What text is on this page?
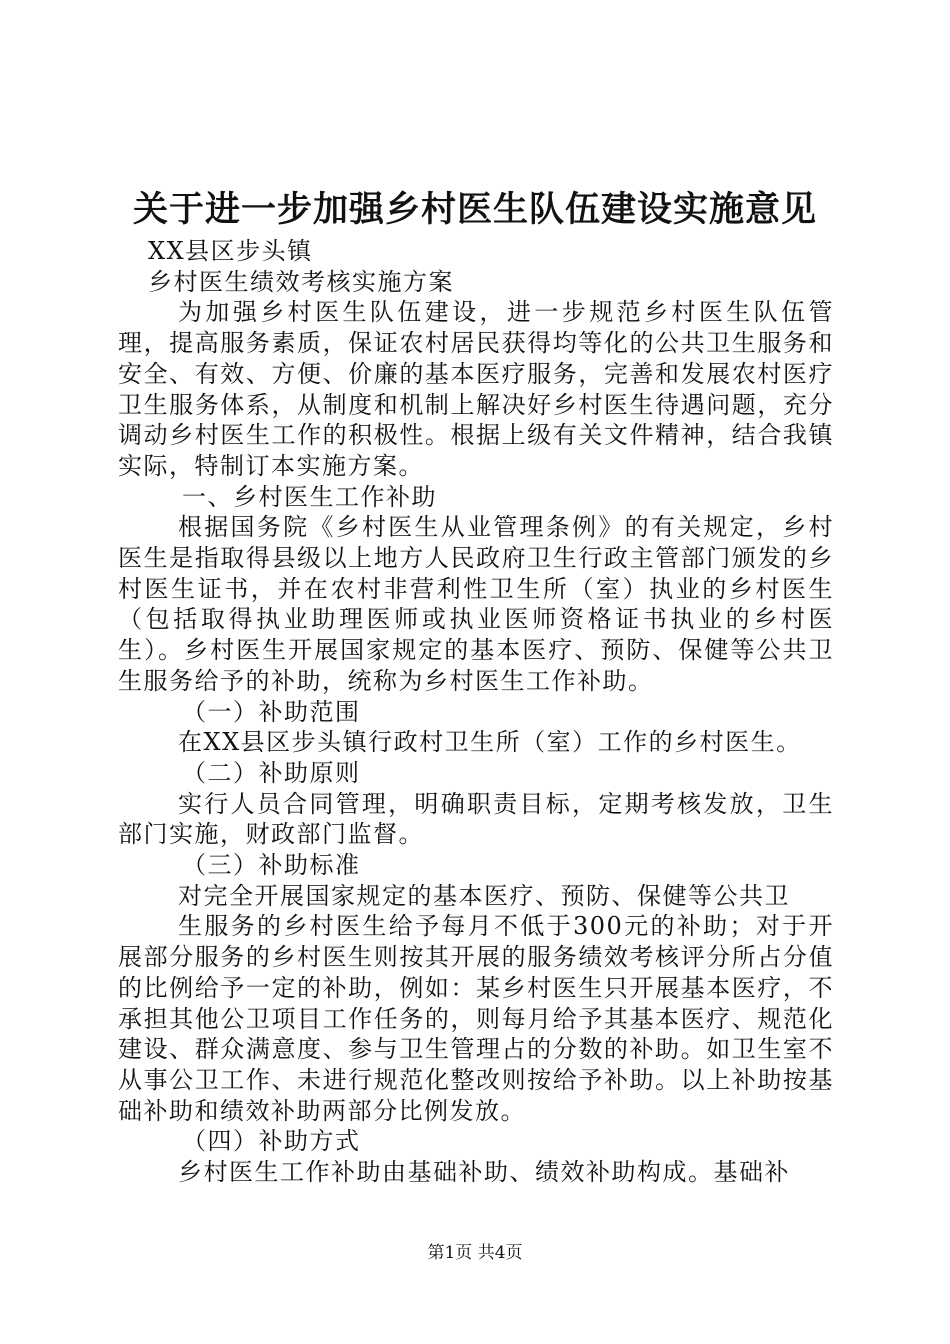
关于进一步加强乡村医生队伍建设实施意见

XX县区步头镇

乡村医生绩效考核实施方案

为加强乡村医生队伍建设，进一步规范乡村医生队伍管理，提高服务素质，保证农村居民获得均等化的公共卫生服务和安全、有效、方便、价廉的基本医疗服务，完善和发展农村医疗卫生服务体系，从制度和机制上解决好乡村医生待遇问题，充分调动乡村医生工作的积极性。根据上级有关文件精神，结合我镇实际，特制订本实施方案。

一、乡村医生工作补助

根据国务院《乡村医生从业管理条例》的有关规定，乡村医生是指取得县级以上地方人民政府卫生行政主管部门颁发的乡村医生证书，并在农村非营利性卫生所（室）执业的乡村医生（包括取得执业助理医师或执业医师资格证书执业的乡村医生）。乡村医生开展国家规定的基本医疗、预防、保健等公共卫生服务给予的补助，统称为乡村医生工作补助。

（一）补助范围

在XX县区步头镇行政村卫生所（室）工作的乡村医生。

（二）补助原则

实行人员合同管理，明确职责目标，定期考核发放，卫生部门实施，财政部门监督。

（三）补助标准

对完全开展国家规定的基本医疗、预防、保健等公共卫

生服务的乡村医生给予每月不低于300元的补助；对于开展部分服务的乡村医生则按其开展的服务绩效考核评分所占分值的比例给予一定的补助，例如：某乡村医生只开展基本医疗，不承担其他公卫项目工作任务的，则每月给予其基本医疗、规范化建设、群众满意度、参与卫生管理占的分数的补助。如卫生室不从事公卫工作、未进行规范化整改则按给予补助。以上补助按基础补助和绩效补助两部分比例发放。

（四）补助方式

乡村医生工作补助由基础补助、绩效补助构成。基础补

第1页 共4页
